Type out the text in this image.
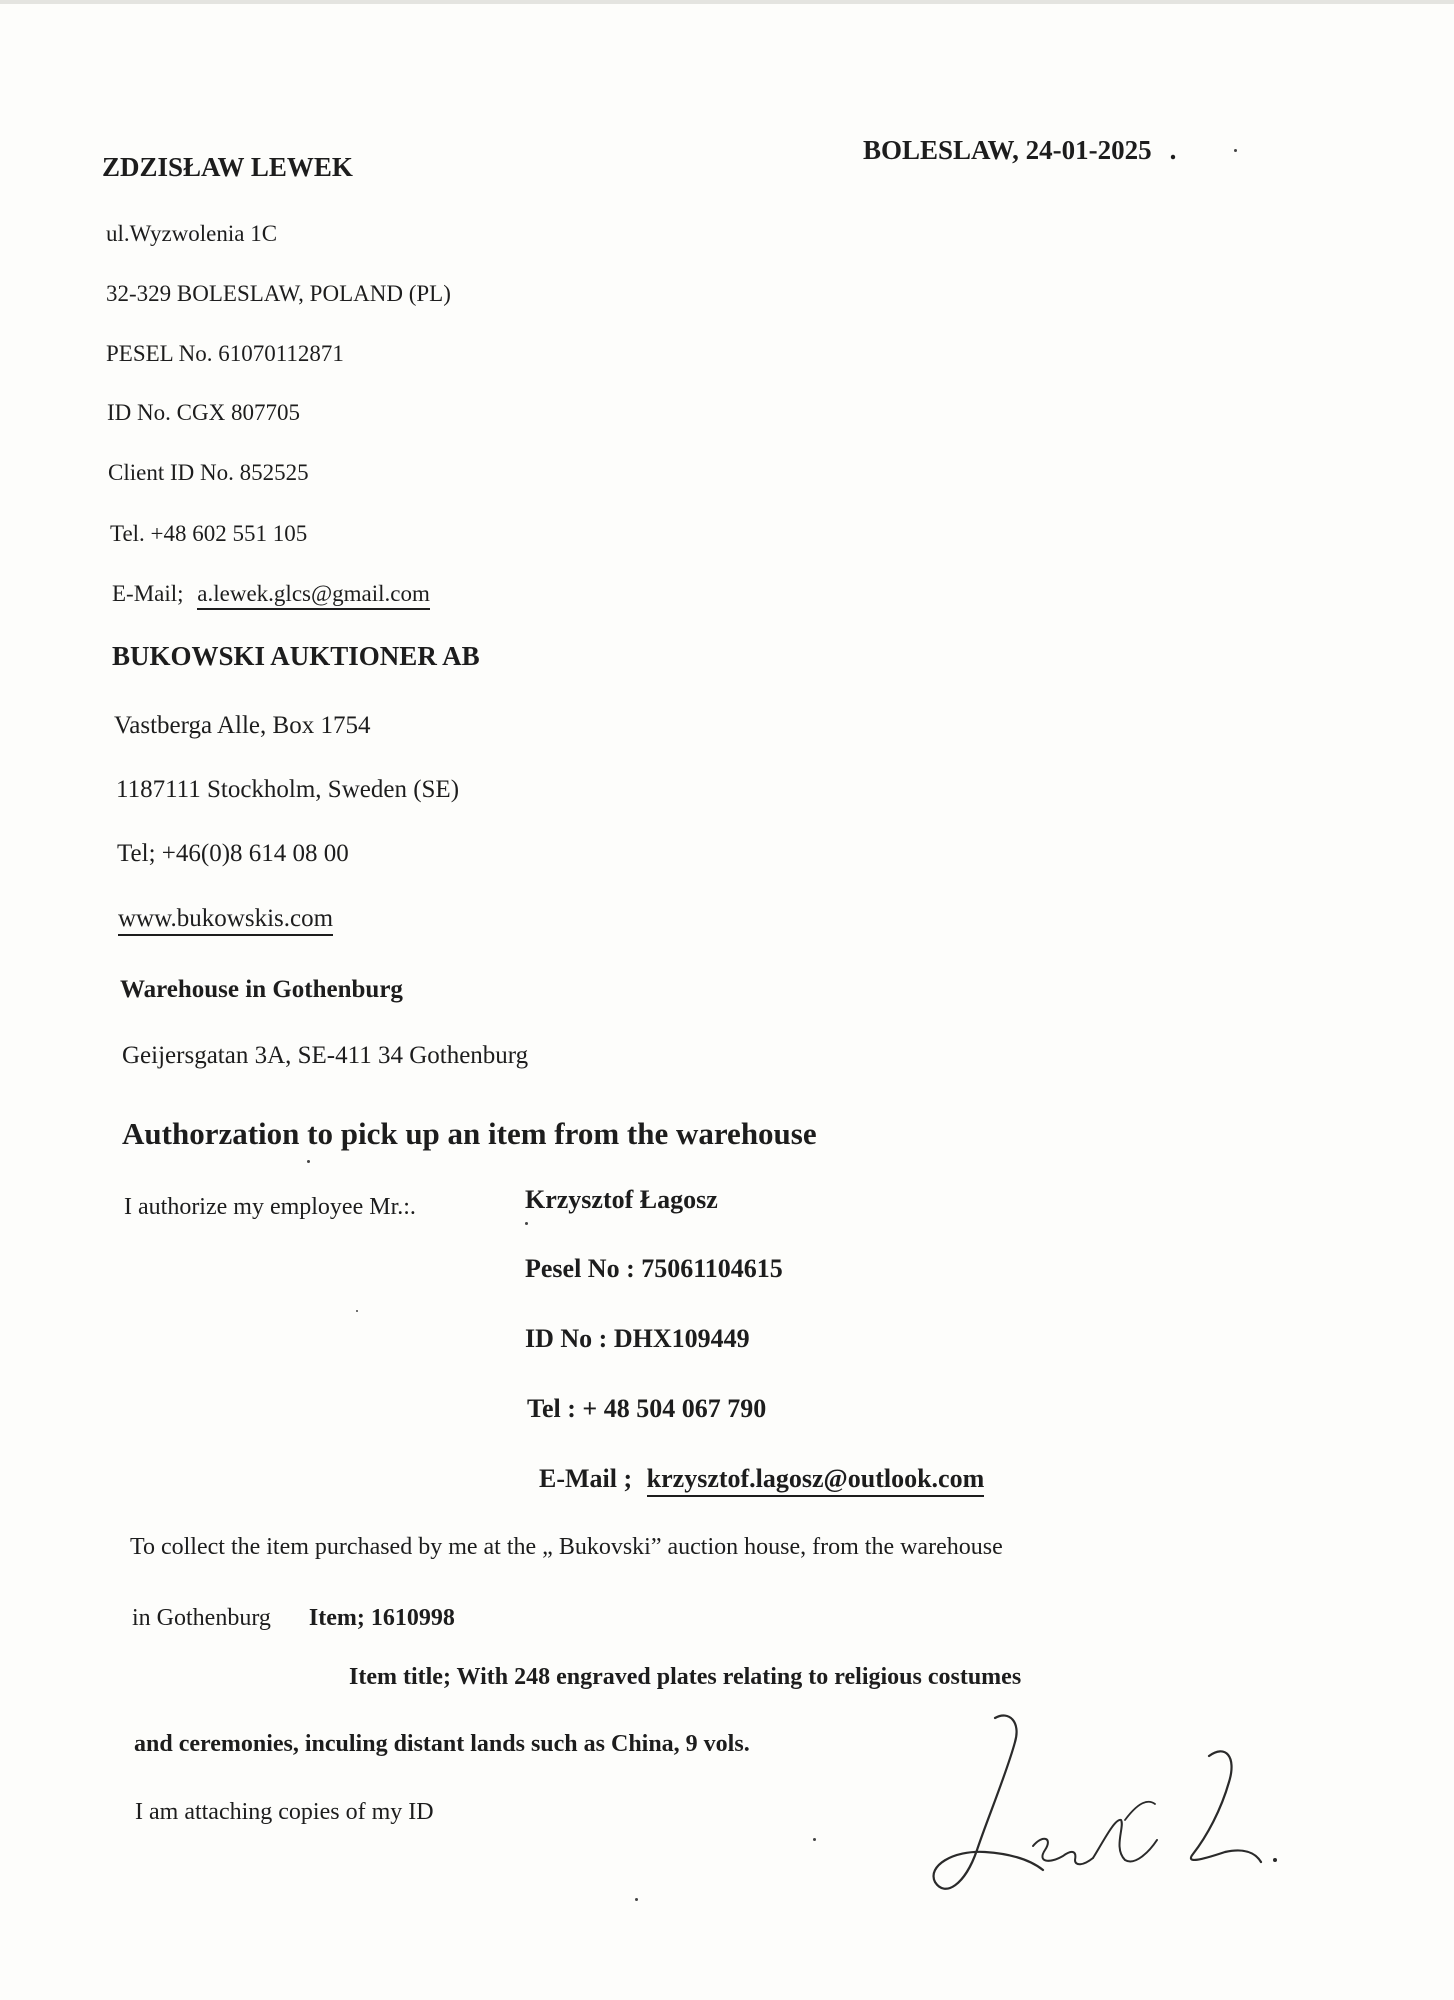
ZDZISŁAW LEWEK
ul.Wyzwolenia 1C
32-329 BOLESLAW, POLAND (PL)
PESEL No. 61070112871
ID No. CGX 807705
Client ID No. 852525
Tel. +48 602 551 105
E-Mail; a.lewek.glcs@gmail.com
BOLESLAW, 24-01-2025 .
BUKOWSKI AUKTIONER AB
Vastberga Alle, Box 1754
1187111 Stockholm, Sweden (SE)
Tel; +46(0)8 614 08 00
www.bukowskis.com
Warehouse in Gothenburg
Geijersgatan 3A, SE-411 34 Gothenburg
Authorzation to pick up an item from the warehouse
I authorize my employee Mr.:.	Krzysztof Łagosz
Pesel No : 75061104615
ID No : DHX109449
Tel : + 48 504 067 790
E-Mail ; krzysztof.lagosz@outlook.com
To collect the item purchased by me at the „ Bukovski” auction house, from the warehouse
in Gothenburg Item; 1610998
Item title; With 248 engraved plates relating to religious costumes
and ceremonies, inculing distant lands such as China, 9 vols.
I am attaching copies of my ID
